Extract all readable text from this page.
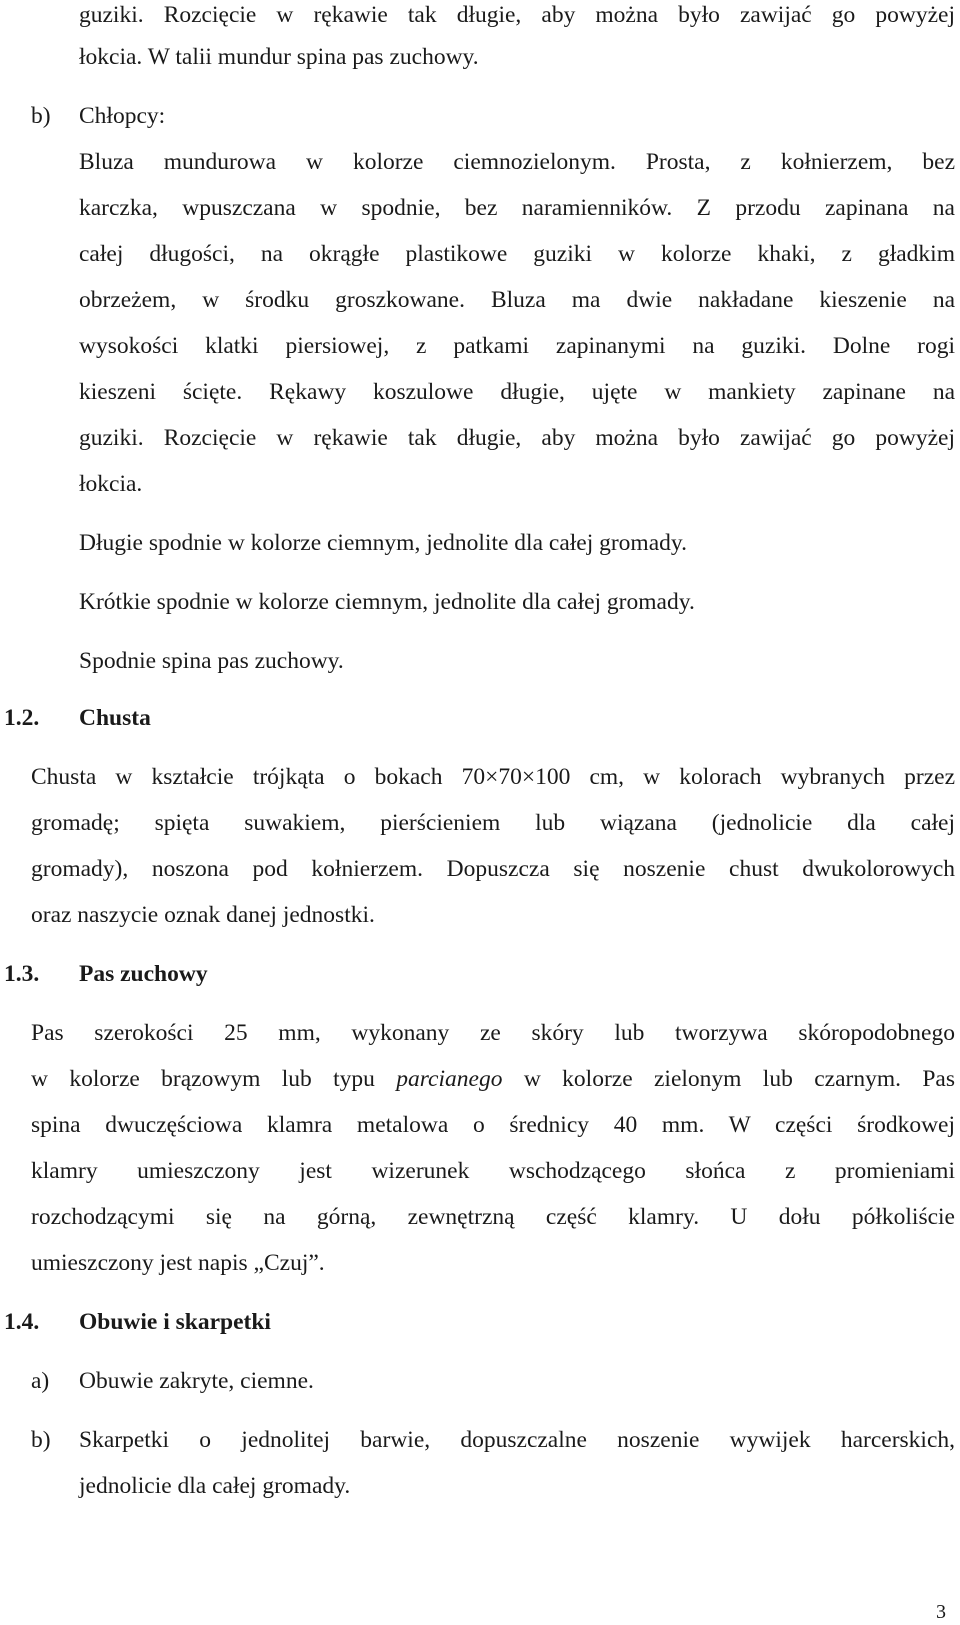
guziki. Rozcięcie w rękawie tak długie, aby można było zawijać go powyżej
łokcia. W talii mundur spina pas zuchowy.
b) Chłopcy:
Bluza mundurowa w kolorze ciemnozielonym. Prosta, z kołnierzem, bez
karczka, wpuszczana w spodnie, bez naramienników. Z przodu zapinana na
całej długości, na okrągłe plastikowe guziki w kolorze khaki, z gładkim
obrzeżem, w środku groszkowane. Bluza ma dwie nakładane kieszenie na
wysokości klatki piersiowej, z patkami zapinanymi na guziki. Dolne rogi
kieszeni ścięte. Rękawy koszulowe długie, ujęte w mankiety zapinane na
guziki. Rozcięcie w rękawie tak długie, aby można było zawijać go powyżej
łokcia.
Długie spodnie w kolorze ciemnym, jednolite dla całej gromady.
Krótkie spodnie w kolorze ciemnym, jednolite dla całej gromady.
Spodnie spina pas zuchowy.
1.2. Chusta
Chusta w kształcie trójkąta o bokach 70×70×100 cm, w kolorach wybranych przez
gromadę; spięta suwakiem, pierścieniem lub wiązana (jednolicie dla całej
gromady), noszona pod kołnierzem. Dopuszcza się noszenie chust dwukolorowych
oraz naszycie oznak danej jednostki.
1.3. Pas zuchowy
Pas szerokości 25 mm, wykonany ze skóry lub tworzywa skóropodobnego
w kolorze brązowym lub typu parcianego w kolorze zielonym lub czarnym. Pas
spina dwuczęściowa klamra metalowa o średnicy 40 mm. W części środkowej
klamry umieszczony jest wizerunek wschodzącego słońca z promieniami
rozchodzącymi się na górną, zewnętrzną część klamry. U dołu półkoliście
umieszczony jest napis „Czuj”.
1.4. Obuwie i skarpetki
a) Obuwie zakryte, ciemne.
b) Skarpetki o jednolitej barwie, dopuszczalne noszenie wywijek harcerskich,
jednolicie dla całej gromady.
3
